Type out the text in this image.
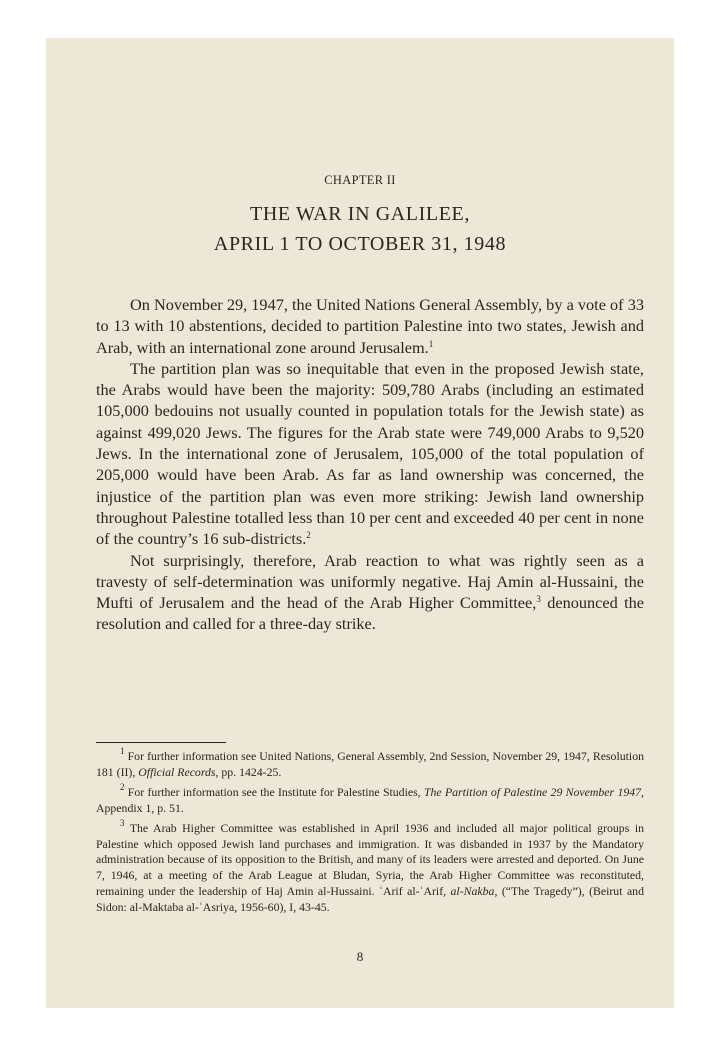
CHAPTER II
THE WAR IN GALILEE,
APRIL 1 TO OCTOBER 31, 1948

On November 29, 1947, the United Nations General Assembly, by a vote of 33 to 13 with 10 abstentions, decided to partition Palestine into two states, Jewish and Arab, with an international zone around Jerusalem.$^1$

The partition plan was so inequitable that even in the proposed Jewish state, the Arabs would have been the majority: 509,780 Arabs (including an estimated 105,000 bedouins not usually counted in population totals for the Jewish state) as against 499,020 Jews. The figures for the Arab state were 749,000 Arabs to 9,520 Jews. In the international zone of Jerusalem, 105,000 of the total population of 205,000 would have been Arab. As far as land ownership was concerned, the injustice of the partition plan was even more striking: Jewish land ownership throughout Palestine totalled less than 10 per cent and exceeded 40 per cent in none of the country’s 16 sub-districts.$^2$

Not surprisingly, therefore, Arab reaction to what was rightly seen as a travesty of self-determination was uniformly negative. Haj Amin al-Hussaini, the Mufti of Jerusalem and the head of the Arab Higher Committee,$^3$ denounced the resolution and called for a three-day strike.

$^1$ For further information see United Nations, General Assembly, 2nd Session, November 29, 1947, Resolution 181 (II), Official Records, pp. 1424-25.

$^2$ For further information see the Institute for Palestine Studies, The Partition of Palestine 29 November 1947, Appendix 1, p. 51.

$^3$ The Arab Higher Committee was established in April 1936 and included all major political groups in Palestine which opposed Jewish land purchases and immigration. It was disbanded in 1937 by the Mandatory administration because of its opposition to the British, and many of its leaders were arrested and deported. On June 7, 1946, at a meeting of the Arab League at Bludan, Syria, the Arab Higher Committee was reconstituted, remaining under the leadership of Haj Amin al-Hussaini. ʿArif al-ʿArif, al-Nakba, (“The Tragedy”), (Beirut and Sidon: al-Maktaba al-ʿAsriya, 1956-60), I, 43-45.

8
